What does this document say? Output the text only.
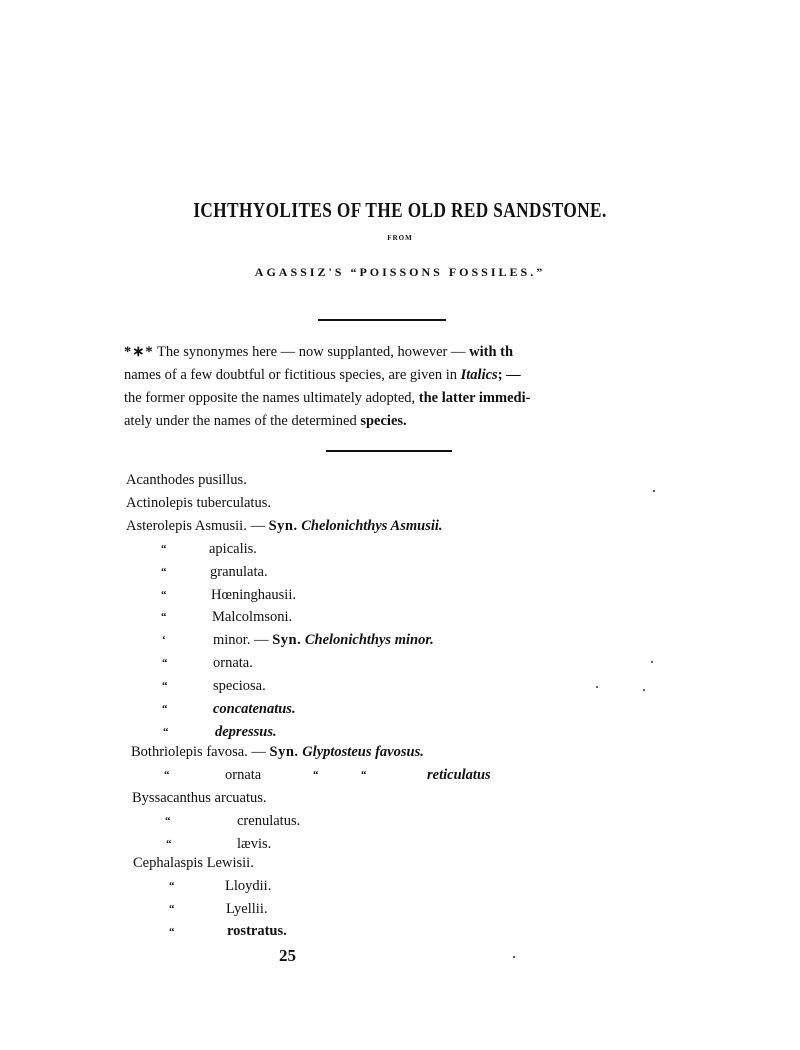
ICHTHYOLITES OF THE OLD RED SANDSTONE.
FROM
AGASSIZ'S “POISSONS FOSSILES.”
*∗* The synonymes here — now supplanted, however — with th
names of a few doubtful or fictitious species, are given in Italics; —
the former opposite the names ultimately adopted, the latter immedi-
ately under the names of the determined species.
Acanthodes pusillus.
Actinolepis tuberculatus.
Asterolepis Asmusii. — Syn. Chelonichthys Asmusii.
“	apicalis.
“	granulata.
“	Hœninghausii.
“	Malcolmsoni.
‘	minor. — Syn. Chelonichthys minor.
“	ornata.
“	speciosa.
“	concatenatus.
“	depressus.
Bothriolepis favosa. — Syn. Glyptosteus favosus.
“	ornata	“	“	reticulatus
Byssacanthus arcuatus.
“	crenulatus.
“	lævis.
Cephalaspis Lewisii.
“	Lloydii.
“	Lyellii.
“	rostratus.
25
